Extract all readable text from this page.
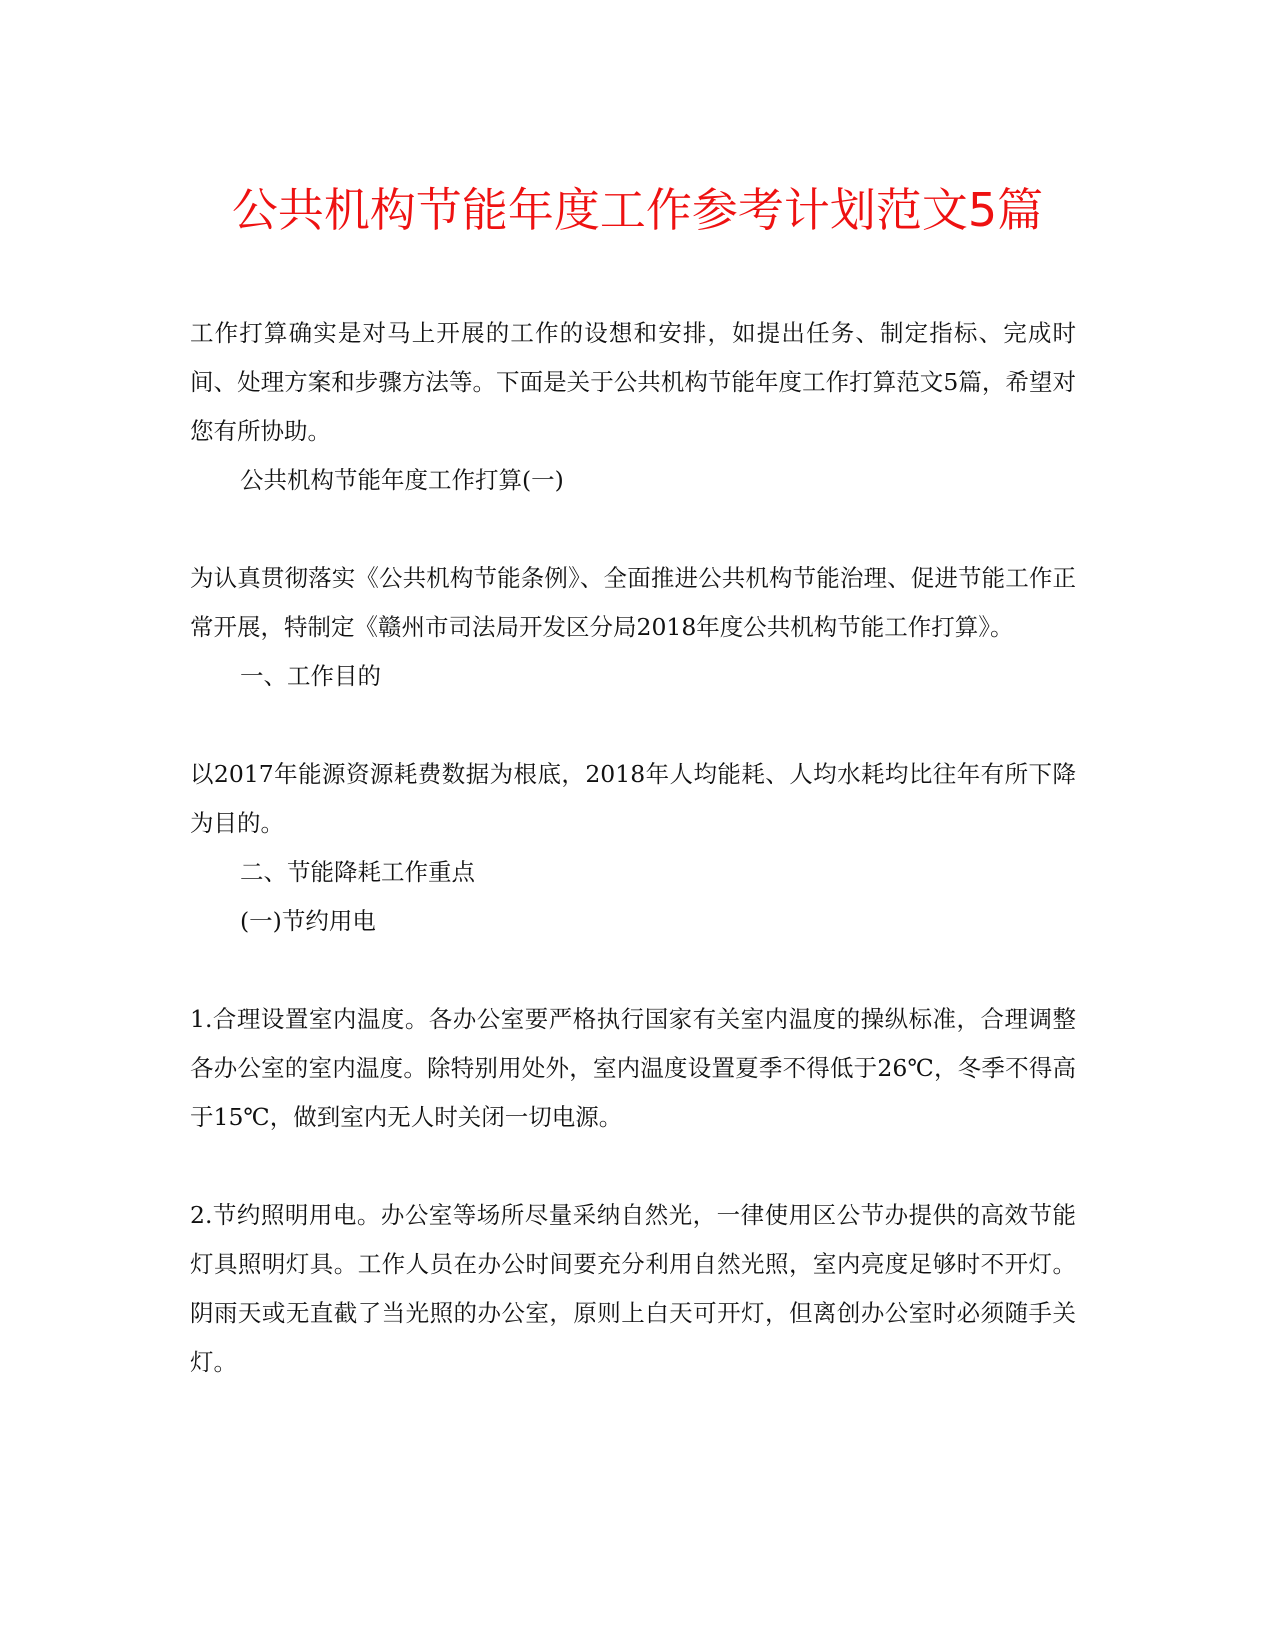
公共机构节能年度工作参考计划范文5篇

工作打算确实是对马上开展的工作的设想和安排，如提出任务、制定指标、完成时间、处理方案和步骤方法等。下面是关于公共机构节能年度工作打算范文5篇，希望对您有所协助。

公共机构节能年度工作打算(一)

为认真贯彻落实《公共机构节能条例》、全面推进公共机构节能治理、促进节能工作正常开展，特制定《赣州市司法局开发区分局2018年度公共机构节能工作打算》。

一、工作目的

以2017年能源资源耗费数据为根底，2018年人均能耗、人均水耗均比往年有所下降为目的。

二、节能降耗工作重点

(一)节约用电

1.合理设置室内温度。各办公室要严格执行国家有关室内温度的操纵标准，合理调整各办公室的室内温度。除特别用处外，室内温度设置夏季不得低于26℃，冬季不得高于15℃，做到室内无人时关闭一切电源。

2.节约照明用电。办公室等场所尽量采纳自然光，一律使用区公节办提供的高效节能灯具照明灯具。工作人员在办公时间要充分利用自然光照，室内亮度足够时不开灯。阴雨天或无直截了当光照的办公室，原则上白天可开灯，但离创办公室时必须随手关灯。
